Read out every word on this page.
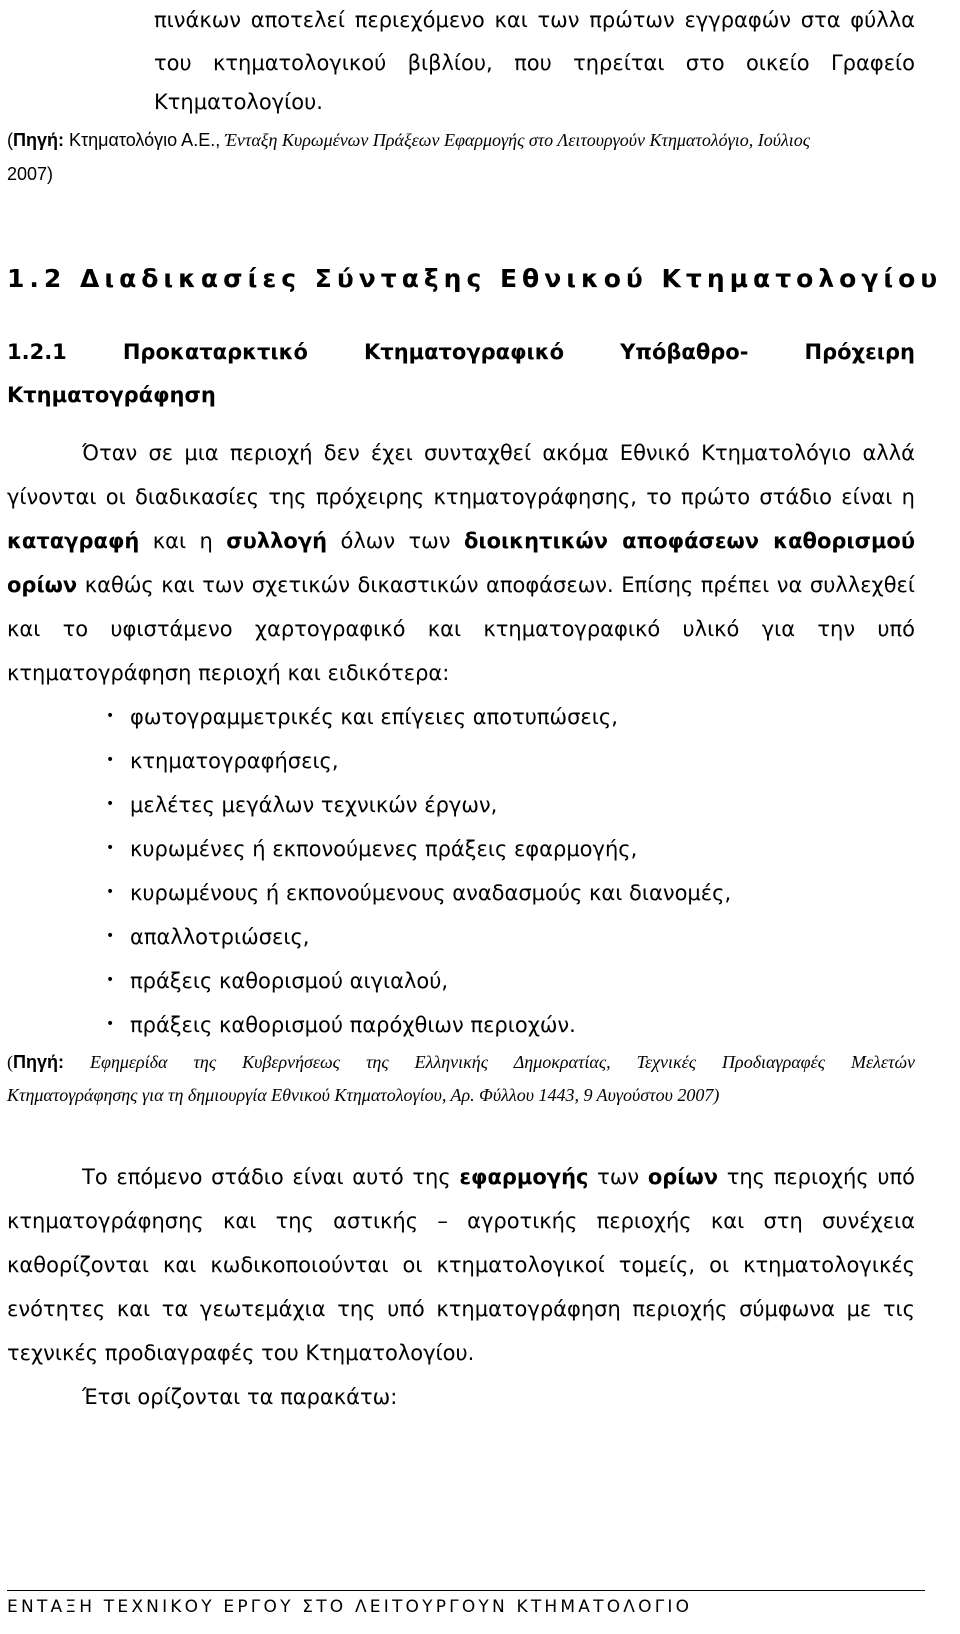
πινάκων αποτελεί περιεχόμενο και των πρώτων εγγραφών στα φύλλα
του κτηματολογικού βιβλίου, που τηρείται στο οικείο Γραφείο
Κτηματολογίου.
(Πηγή: Κτηματολόγιο Α.Ε., Ένταξη Κυρωμένων Πράξεων Εφαρμογής στο Λειτουργούν Κτηματολόγιο, Ιούλιος
2007)
1.2 Διαδικασίες Σύνταξης Εθνικού Κτηματολογίου
1.2.1	Προκαταρκτικό	Κτηματογραφικό	Υπόβαθρο-	Πρόχειρη
Κτηματογράφηση
Όταν σε μια περιοχή δεν έχει συνταχθεί ακόμα Εθνικό Κτηματολόγιο αλλά
γίνονται οι διαδικασίες της πρόχειρης κτηματογράφησης, το πρώτο στάδιο είναι η
καταγραφή και η συλλογή όλων των διοικητικών αποφάσεων καθορισμού
ορίων καθώς και των σχετικών δικαστικών αποφάσεων. Επίσης πρέπει να συλλεχθεί
και το υφιστάμενο χαρτογραφικό και κτηματογραφικό υλικό για την υπό
κτηματογράφηση περιοχή και ειδικότερα:
• φωτογραμμετρικές και επίγειες αποτυπώσεις,
• κτηματογραφήσεις,
• μελέτες μεγάλων τεχνικών έργων,
• κυρωμένες ή εκπονούμενες πράξεις εφαρμογής,
• κυρωμένους ή εκπονούμενους αναδασμούς και διανομές,
• απαλλοτριώσεις,
• πράξεις καθορισμού αιγιαλού,
• πράξεις καθορισμού παρόχθιων περιοχών.
(Πηγή: Εφημερίδα της Κυβερνήσεως της Ελληνικής Δημοκρατίας, Τεχνικές Προδιαγραφές Μελετών
Κτηματογράφησης για τη δημιουργία Εθνικού Κτηματολογίου, Αρ. Φύλλου 1443, 9 Αυγούστου 2007)
Το επόμενο στάδιο είναι αυτό της εφαρμογής των ορίων της περιοχής υπό
κτηματογράφησης και της αστικής – αγροτικής περιοχής και στη συνέχεια
καθορίζονται και κωδικοποιούνται οι κτηματολογικοί τομείς, οι κτηματολογικές
ενότητες και τα γεωτεμάχια της υπό κτηματογράφηση περιοχής σύμφωνα με τις
τεχνικές προδιαγραφές του Κτηματολογίου.
Έτσι ορίζονται τα παρακάτω:
ΕΝΤΑΞΗ ΤΕΧΝΙΚΟΥ ΕΡΓΟΥ ΣΤΟ ΛΕΙΤΟΥΡΓΟΥΝ ΚΤΗΜΑΤΟΛΟΓΙΟ
